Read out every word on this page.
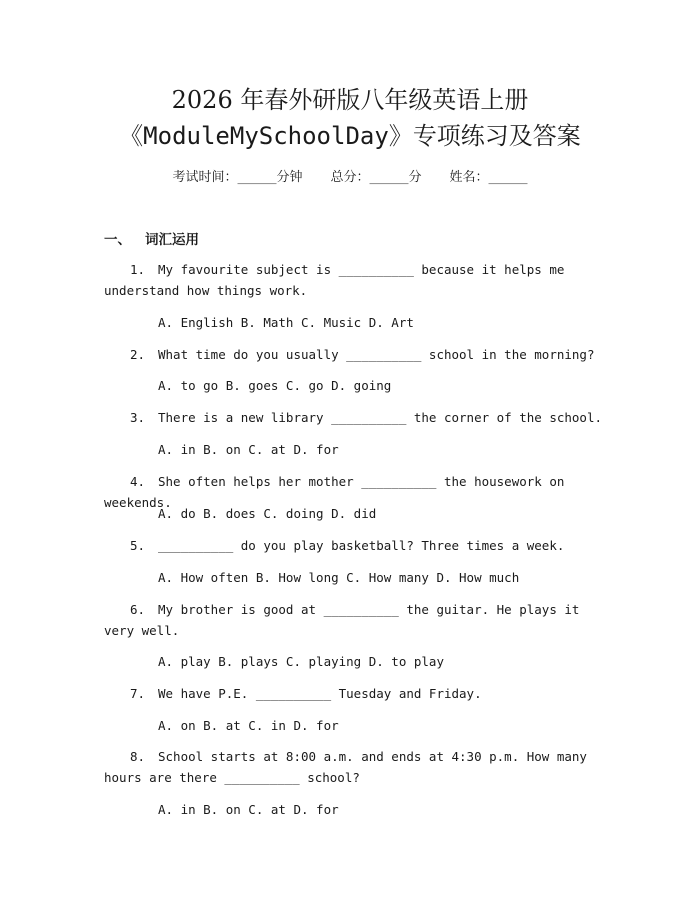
2026 年春外研版八年级英语上册
《ModuleMySchoolDay》专项练习及答案
考试时间：______分钟 总分：______分 姓名：______
一、 词汇运用
1. My favourite subject is __________ because it helps me understand how things work.
A. English B. Math C. Music D. Art
2. What time do you usually __________ school in the morning?
A. to go B. goes C. go D. going
3. There is a new library __________ the corner of the school.
A. in B. on C. at D. for
4. She often helps her mother __________ the housework on weekends.
A. do B. does C. doing D. did
5. __________ do you play basketball? Three times a week.
A. How often B. How long C. How many D. How much
6. My brother is good at __________ the guitar. He plays it very well.
A. play B. plays C. playing D. to play
7. We have P.E. __________ Tuesday and Friday.
A. on B. at C. in D. for
8. School starts at 8:00 a.m. and ends at 4:30 p.m. How many hours are there __________ school?
A. in B. on C. at D. for
